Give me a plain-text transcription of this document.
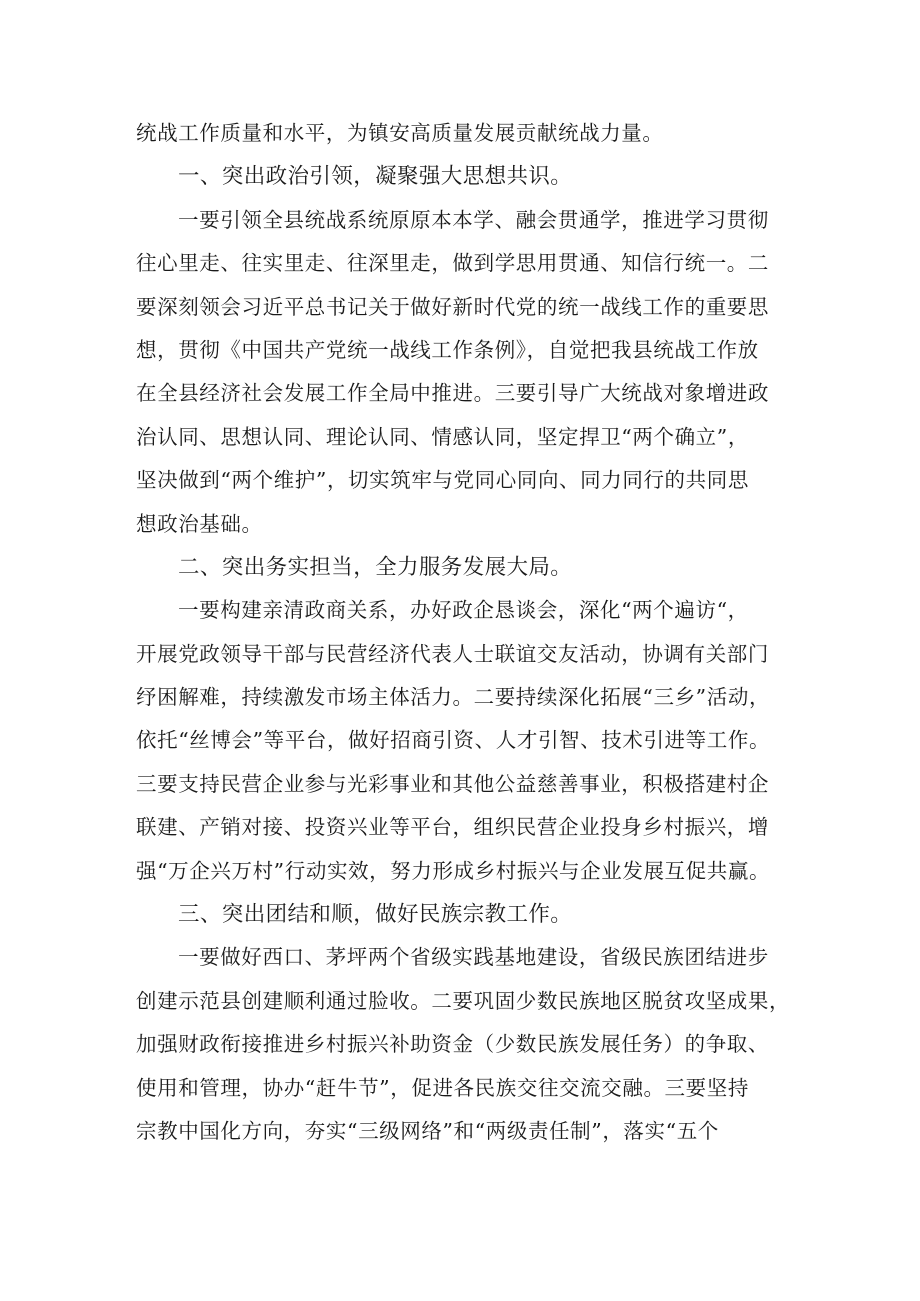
统战工作质量和水平，为镇安高质量发展贡献统战力量。
一、突出政治引领，凝聚强大思想共识。
一要引领全县统战系统原原本本学、融会贯通学，推进学习贯彻
往心里走、往实里走、往深里走，做到学思用贯通、知信行统一。二
要深刻领会习近平总书记关于做好新时代党的统一战线工作的重要思
想，贯彻《中国共产党统一战线工作条例》，自觉把我县统战工作放
在全县经济社会发展工作全局中推进。三要引导广大统战对象增进政
治认同、思想认同、理论认同、情感认同，坚定捍卫“两个确立”，
坚决做到“两个维护”，切实筑牢与党同心同向、同力同行的共同思
想政治基础。
二、突出务实担当，全力服务发展大局。
一要构建亲清政商关系，办好政企恳谈会，深化“两个遍访“，
开展党政领导干部与民营经济代表人士联谊交友活动，协调有关部门
纾困解难，持续激发市场主体活力。二要持续深化拓展“三乡”活动，
依托“丝博会”等平台，做好招商引资、人才引智、技术引进等工作。
三要支持民营企业参与光彩事业和其他公益慈善事业，积极搭建村企
联建、产销对接、投资兴业等平台，组织民营企业投身乡村振兴，增
强“万企兴万村”行动实效，努力形成乡村振兴与企业发展互促共赢。
三、突出团结和顺，做好民族宗教工作。
一要做好西口、茅坪两个省级实践基地建设，省级民族团结进步
创建示范县创建顺利通过脸收。二要巩固少数民族地区脱贫攻坚成果，
加强财政衔接推进乡村振兴补助资金（少数民族发展任务）的争取、
使用和管理，协办“赶牛节”，促进各民族交往交流交融。三要坚持
宗教中国化方向，夯实“三级网络”和“两级责任制”，落实“五个
